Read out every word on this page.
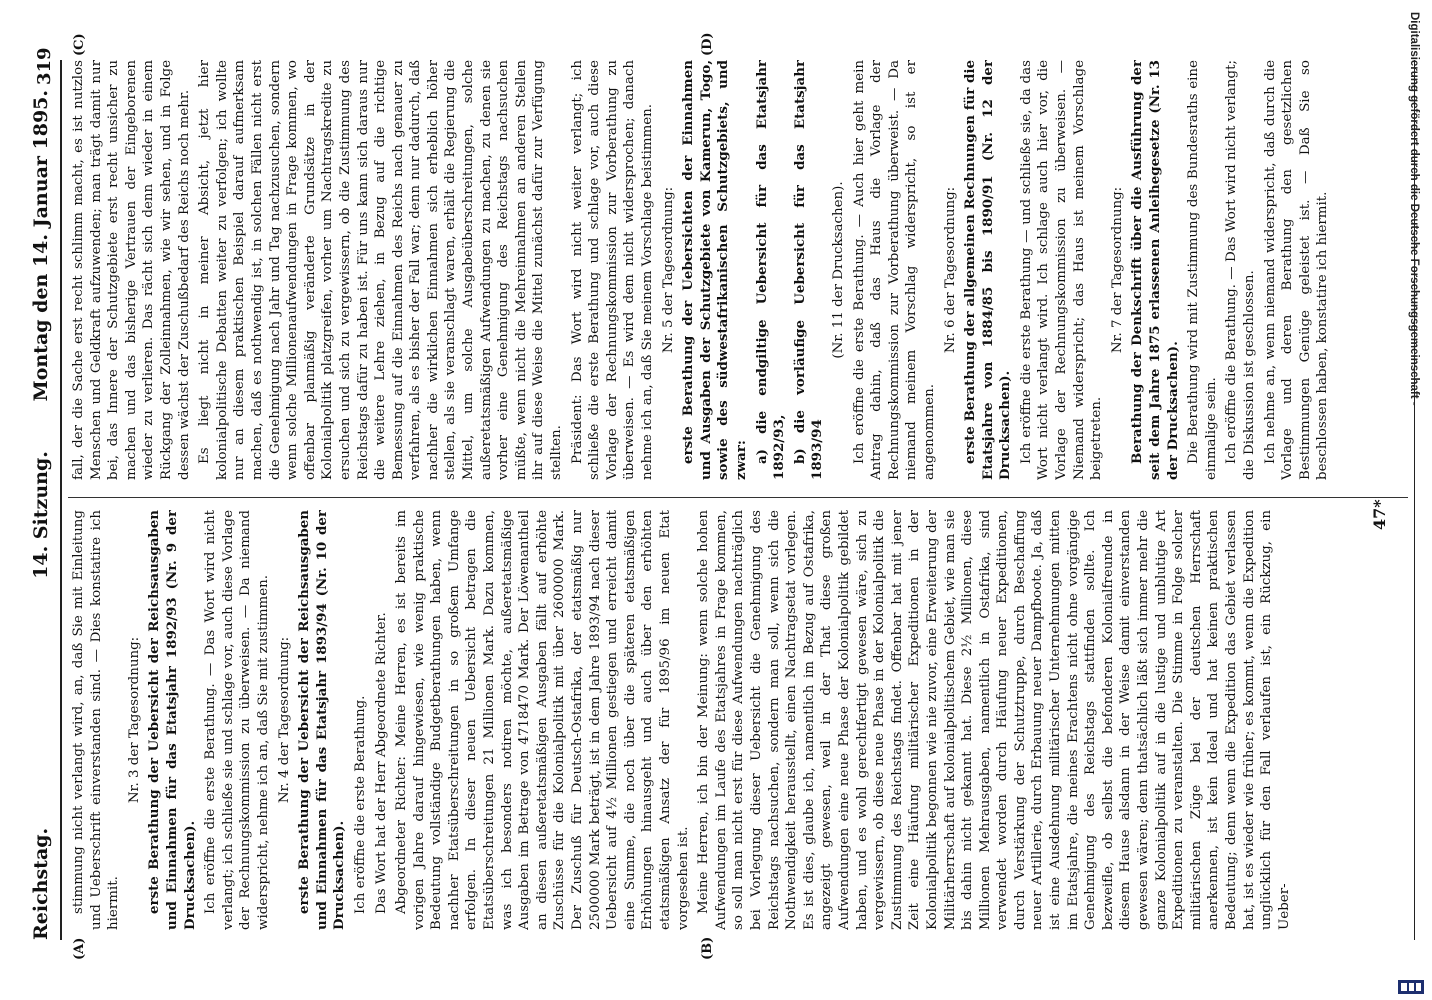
Reichstag.
14. Sitzung.
Montag den 14. Januar 1895.
319
(A)	(B)
(C)	(D)

stimmung nicht verlangt wird, an, daß Sie mit Einleitung und Ueberschrift einverstanden sind. — Dies konstatire ich hiermit.

Nr. 3 der Tagesordnung: erste Berathung der Uebersicht der Reichsausgaben und Einnahmen für das Etatsjahr 1892/93 (Nr. 9 der Drucksachen). Ich eröffne die erste Berathung. — Das Wort wird nicht verlangt; ich schließe sie und schlage vor, auch diese Vorlage der Rechnungskommission zu überweisen. — Da niemand widerspricht, nehme ich an, daß Sie mit zustimmen. Nr. 4 der Tagesordnung: erste Berathung der Uebersicht der Reichsausgaben und Einnahmen für das Etatsjahr 1893/94 (Nr. 10 der Drucksachen). Ich eröffne die erste Berathung. Das Wort hat der Herr Abgeordnete Richter. Abgeordneter Richter: Meine Herren, es ist bereits im vorigen Jahre darauf hingewiesen, wie wenig praktische Bedeutung vollständige Budgetberathungen haben, wenn nachher Etatsüberschreitungen in so großem Umfange erfolgen. In dieser neuen Uebersicht betragen die Etatsüberschreitungen 21 Millionen Mark. Dazu kommen, was ich besonders notiren möchte, außeretatsmäßige Ausgaben im Betrage von 4718470 Mark. Der Löwenantheil an diesen außeretatsmäßigen Ausgaben fällt auf erhöhte Zuschüsse für die Kolonialpolitik mit über 2600000 Mark. Der Zuschuß für Deutsch-Ostafrika, der etatsmäßig nur 2500000 Mark beträgt, ist in dem Jahre 1893/94 nach dieser Uebersicht auf 4½ Millionen gestiegen und erreicht damit eine Summe, die noch über die späteren etatsmäßigen Erhöhungen hinausgeht und auch über den erhöhten etatsmäßigen Ansatz der für 1895/96 im neuen Etat vorgesehen ist. Meine Herren, ich bin der Meinung: wenn solche hohen Aufwendungen im Laufe des Etatsjahres in Frage kommen, so soll man nicht erst für diese Aufwendungen nachträglich bei Vorlegung dieser Uebersicht die Genehmigung des Reichstags nachsuchen, sondern man soll, wenn sich die Nothwendigkeit herausstellt, einen Nachtragsetat vorlegen. Es ist dies, glaube ich, namentlich im Bezug auf Ostafrika, angezeigt gewesen, weil in der That diese großen Aufwendungen eine neue Phase der Kolonialpolitik gebildet haben, und es wohl gerechtfertigt gewesen wäre, sich zu vergewissern, ob diese neue Phase in der Kolonialpolitik die Zustimmung des Reichstags findet. Offenbar hat mit jener Zeit eine Häufung militärischer Expeditionen in der Kolonialpolitik begonnen wie nie zuvor, eine Erweiterung der Militärherrschaft auf kolonialpolitischem Gebiet, wie man sie bis dahin nicht gekannt hat. Diese 2½ Millionen, diese Millionen Mehrausgaben, namentlich in Ostafrika, sind verwendet worden durch Häufung neuer Expeditionen, durch Verstärkung der Schutztruppe, durch Beschaffung neuer Artillerie, durch Erbauung neuer Dampfboote. Ja, daß ist eine Ausdehnung militärischer Unternehmungen mitten im Etatsjahre, die meines Erachtens nicht ohne vorgängige Genehmigung des Reichstags stattfinden sollte. Ich bezweifle, ob selbst die befonderen Kolonialfreunde in diesem Hause alsdann in der Weise damit einverstanden gewesen wären; denn thatsächlich läßt sich immer mehr die ganze Kolonialpolitik auf in die lustige und unblutige Art Expeditionen zu veranstalten. Die Stimme in Folge solcher militärischen Züge bei der deutschen Herrschaft anerkennen, ist kein Ideal und hat keinen praktischen Bedeutung; denn wenn die Expedition das Gebiet verlassen hat, ist es wieder wie früher; es kommt, wenn die Expedition unglücklich für den Fall verlaufen ist, ein Rückzug, ein Ueber-

fall, der die Sache erst recht schlimm macht, es ist nutzlos Menschen und Geldkraft aufzuwenden; man trägt damit nur bei, das Innere der Schutzgebiete erst recht unsicher zu machen und das bisherige Vertrauen der Eingeborenen wieder zu verlieren. Das rächt sich denn wieder in einem Rückgang der Zolleinnahmen, wie wir sehen, und in Folge dessen wächst der Zuschußbedarf des Reichs noch mehr. Es liegt nicht in meiner Absicht, jetzt hier kolonialpolitische Debatten weiter zu verfolgen; ich wollte nur an diesem praktischen Beispiel darauf aufmerksam machen, daß es nothwendig ist, in solchen Fällen nicht erst die Genehmigung nach Jahr und Tag nachzusuchen, sondern wenn solche Millionenaufwendungen in Frage kommen, wo offenbar planmäßig veränderte Grundsätze in der Kolonialpolitik platzgreifen, vorher um Nachtragskredite zu ersuchen und sich zu vergewissern, ob die Zustimmung des Reichstags dafür zu haben ist. Für uns kann sich daraus nur die weitere Lehre ziehen, in Bezug auf die richtige Bemessung auf die Einnahmen des Reichs nach genauer zu verfahren, als es bisher der Fall war; denn nur dadurch, daß nachher die wirklichen Einnahmen sich erheblich höher stellen, als sie veranschlagt waren, erhält die Regierung die Mittel, um solche Ausgabeüberschreitungen, solche außeretatsmäßigen Aufwendungen zu machen, zu denen sie vorher eine Genehmigung des Reichstags nachsuchen müßte, wenn nicht die Mehreinnahmen an anderen Stellen ihr auf diese Weise die Mittel zunächst dafür zur Verfügung stellten. Präsident: Das Wort wird nicht weiter verlangt; ich schließe die erste Berathung und schlage vor, auch diese Vorlage der Rechnungskommission zur Vorberathung zu überweisen. — Es wird dem nicht widersprochen; danach nehme ich an, daß Sie meinem Vorschlage beistimmen. Nr. 5 der Tagesordnung: erste Berathung der Uebersichten der Einnahmen und Ausgaben der Schutzgebiete von Kamerun, Togo, sowie des südwestafrikanischen Schutzgebiets, und zwar: a) die endgiltige Uebersicht für das Etatsjahr 1892/93, b) die vorläufige Uebersicht für das Etatsjahr 1893/94

(Nr. 11 der Drucksachen). Ich eröffne die erste Berathung. — Auch hier geht mein Antrag dahin, daß das Haus die Vorlage der Rechnungskommission zur Vorberathung überweist. — Da niemand meinem Vorschlag widerspricht, so ist er angenommen.

Nr. 6 der Tagesordnung: erste Berathung der allgemeinen Rechnungen für die Etatsjahre von 1884/85 bis 1890/91 (Nr. 12 der Drucksachen). Ich eröffne die erste Berathung — und schließe sie, da das Wort nicht verlangt wird. Ich schlage auch hier vor, die Vorlage der Rechnungskommission zu überweisen. — Niemand widerspricht; das Haus ist meinem Vorschlage beigetreten.

Nr. 7 der Tagesordnung: Berathung der Denkschrift über die Ausführung der seit dem Jahre 1875 erlassenen Anleihegesetze (Nr. 13 der Drucksachen). Die Berathung wird mit Zustimmung des Bundesraths eine einmalige sein. Ich eröffne die Berathung. — Das Wort wird nicht verlangt; die Diskussion ist geschlossen. Ich nehme an, wenn niemand widerspricht, daß durch die Vorlage und deren Berathung den gesetzlichen Bestimmungen Genüge geleistet ist. — Daß Sie so beschlossen haben, konstatire ich hiermit.

47*
Digitalisierung gefördert durch die Deutsche Forschungsgemeinschaft -
